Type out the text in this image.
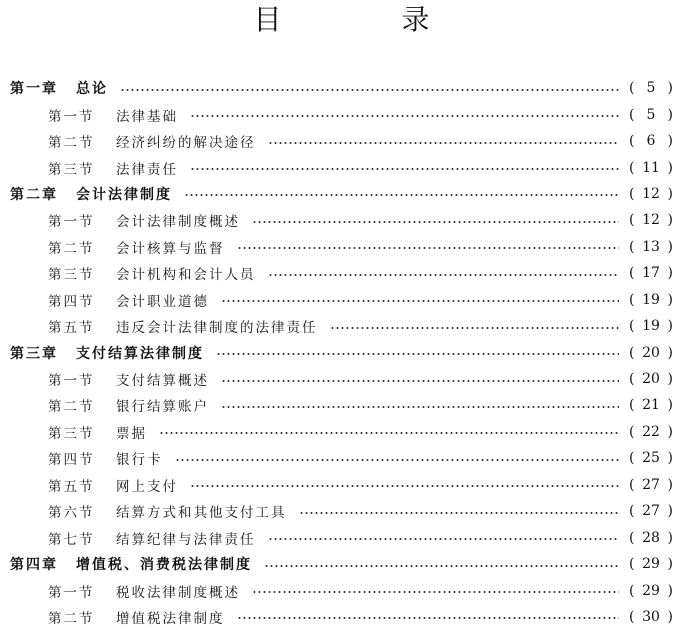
目　录
第一章 总论	( 5 )
第一节	法律基础	( 5 )
第二节	经济纠纷的解决途径	( 6 )
第三节	法律责任	( 11 )
第二章 会计法律制度	( 12 )
第一节	会计法律制度概述	( 12 )
第二节	会计核算与监督	( 13 )
第三节	会计机构和会计人员	( 17 )
第四节	会计职业道德	( 19 )
第五节	违反会计法律制度的法律责任	( 19 )
第三章 支付结算法律制度	( 20 )
第一节	支付结算概述	( 20 )
第二节	银行结算账户	( 21 )
第三节	票据	( 22 )
第四节	银行卡	( 25 )
第五节	网上支付	( 27 )
第六节	结算方式和其他支付工具	( 27 )
第七节	结算纪律与法律责任	( 28 )
第四章 增值税、消费税法律制度	( 29 )
第一节	税收法律制度概述	( 29 )
第二节	增值税法律制度	( 30 )
